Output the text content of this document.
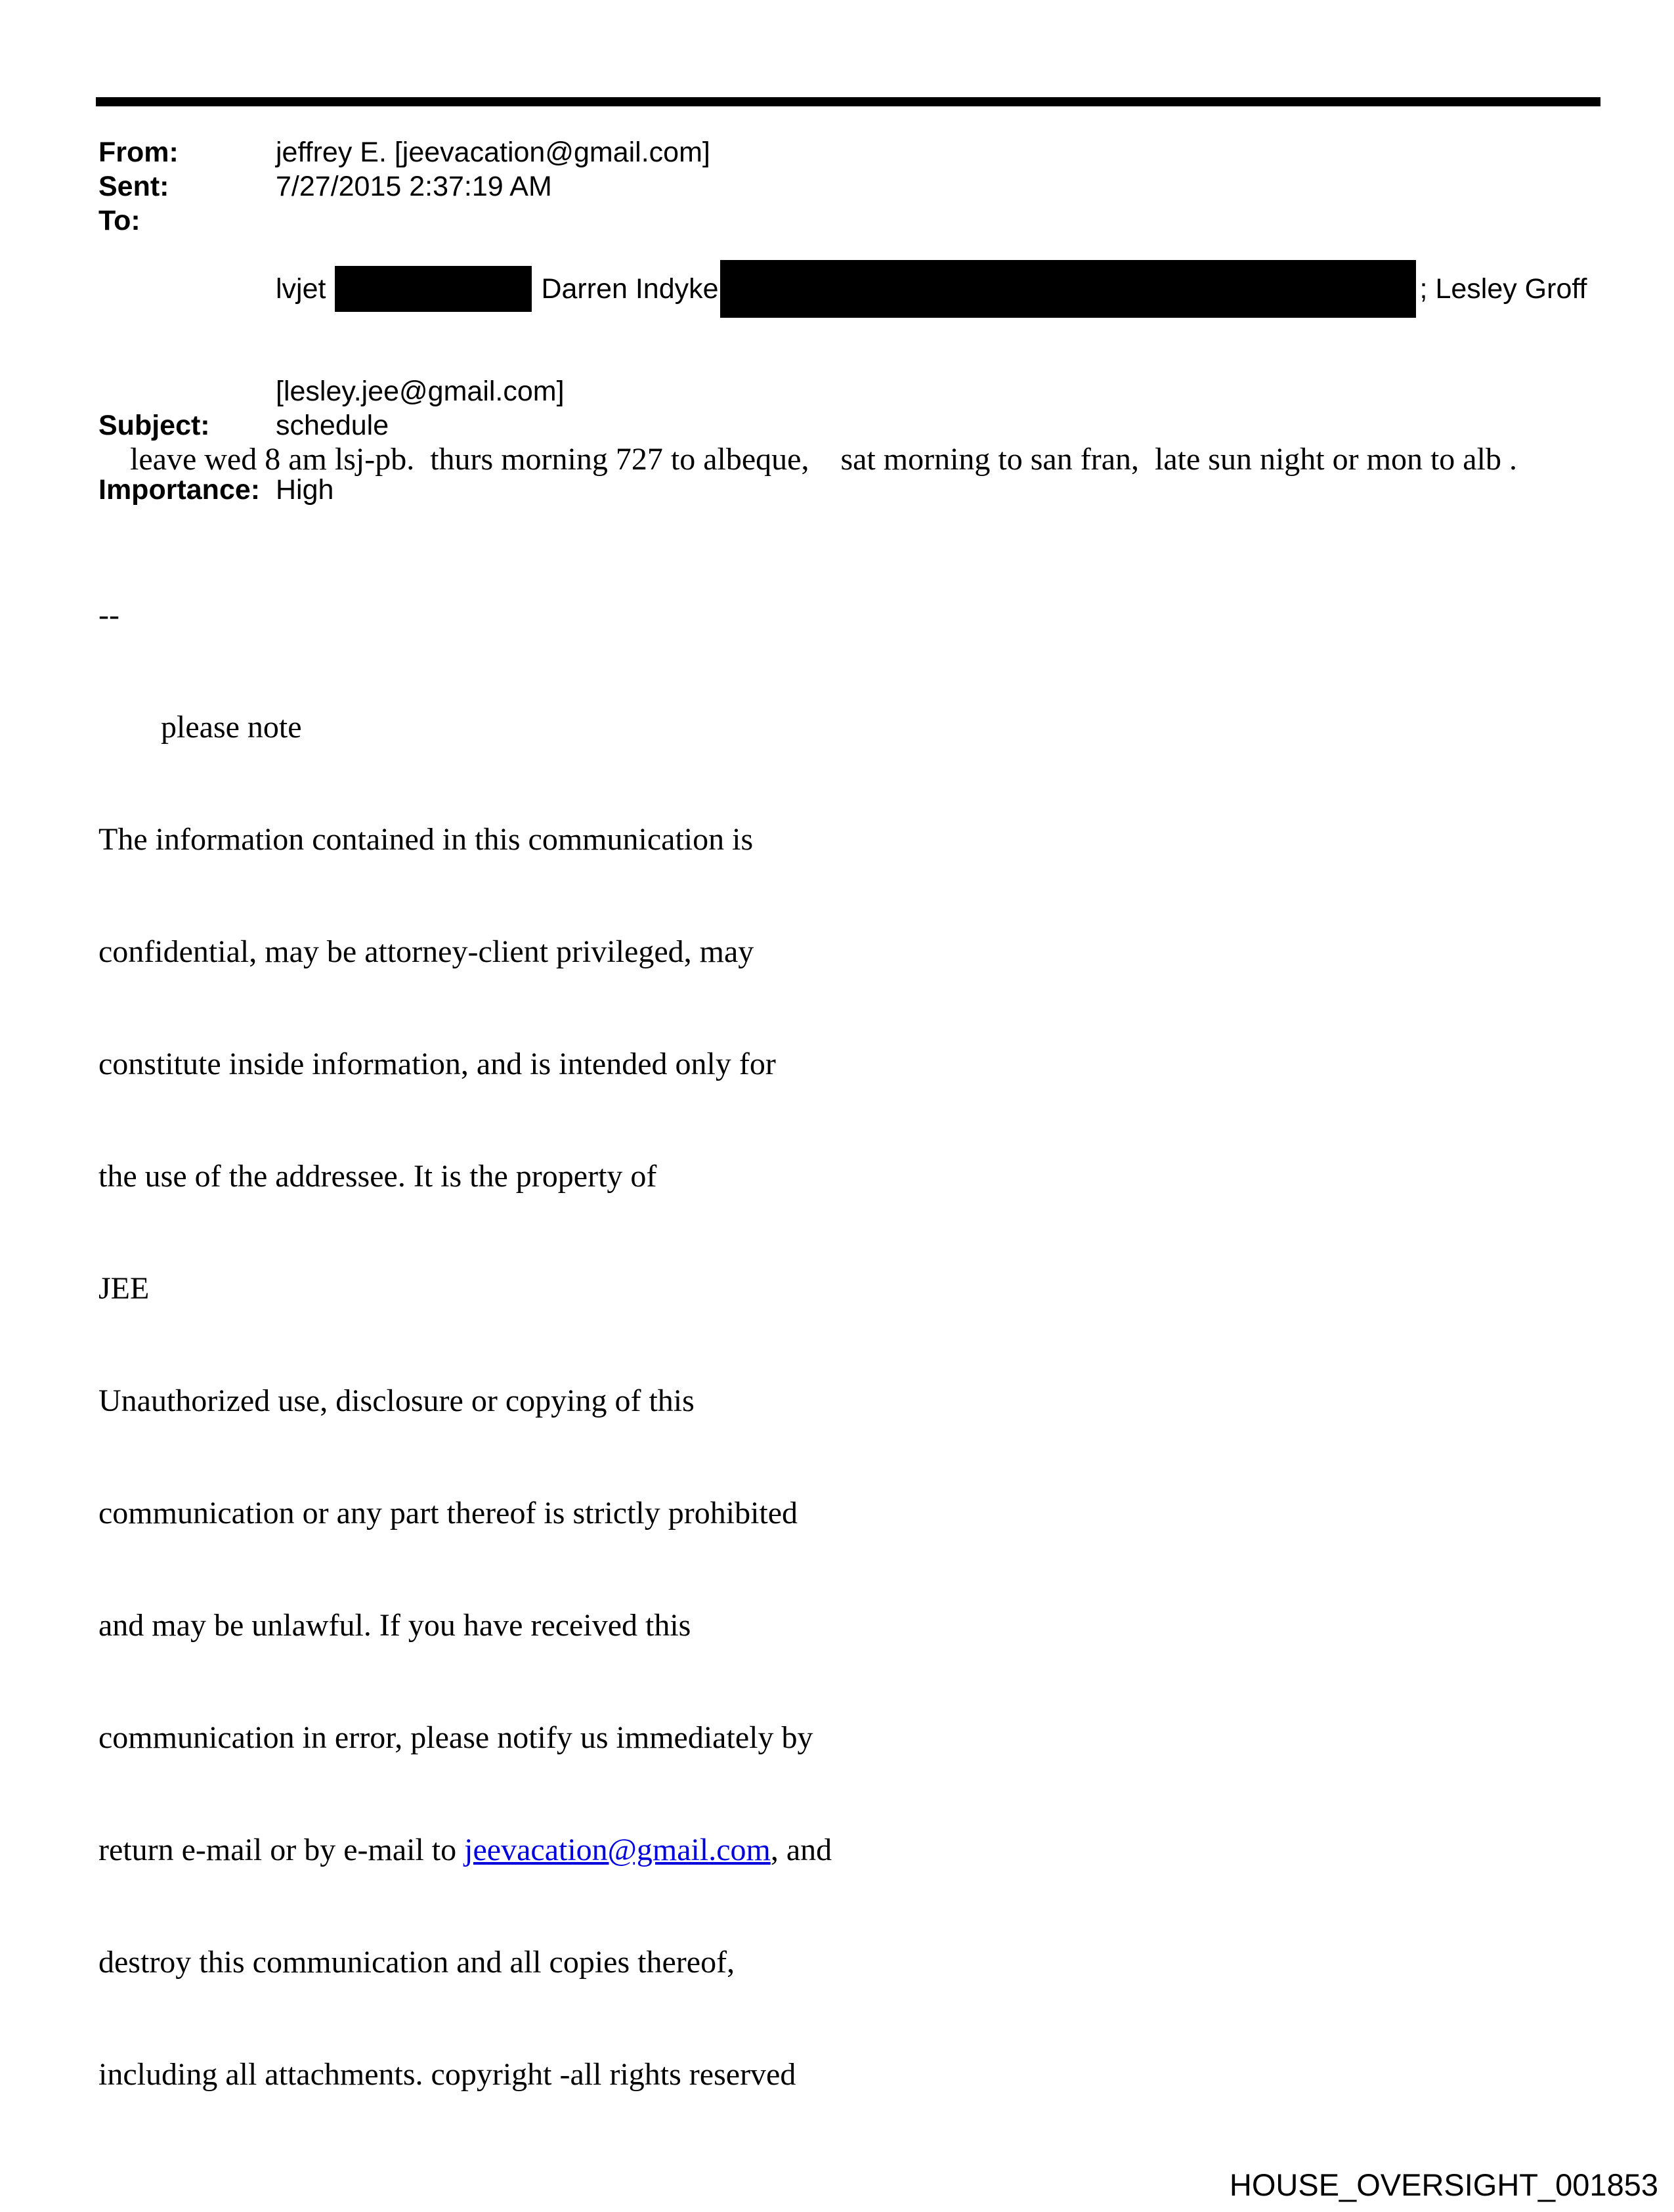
From:	jeffrey E. [jeevacation@gmail.com]
Sent:	7/27/2015 2:37:19 AM
To:

lvjet	Darren Indyke	; Lesley Groff

[lesley.jee@gmail.com]
Subject:	schedule
Importance: High

leave wed 8 am lsj-pb.  thurs morning 727 to albeque,    sat morning to san fran,  late sun night or mon to alb .

--

please note

The information contained in this communication is

confidential, may be attorney-client privileged, may

constitute inside information, and is intended only for

the use of the addressee. It is the property of

JEE

Unauthorized use, disclosure or copying of this

communication or any part thereof is strictly prohibited

and may be unlawful. If you have received this

communication in error, please notify us immediately by

return e-mail or by e-mail to jeevacation@gmail.com, and

destroy this communication and all copies thereof,

including all attachments. copyright -all rights reserved

HOUSE_OVERSIGHT_001853
